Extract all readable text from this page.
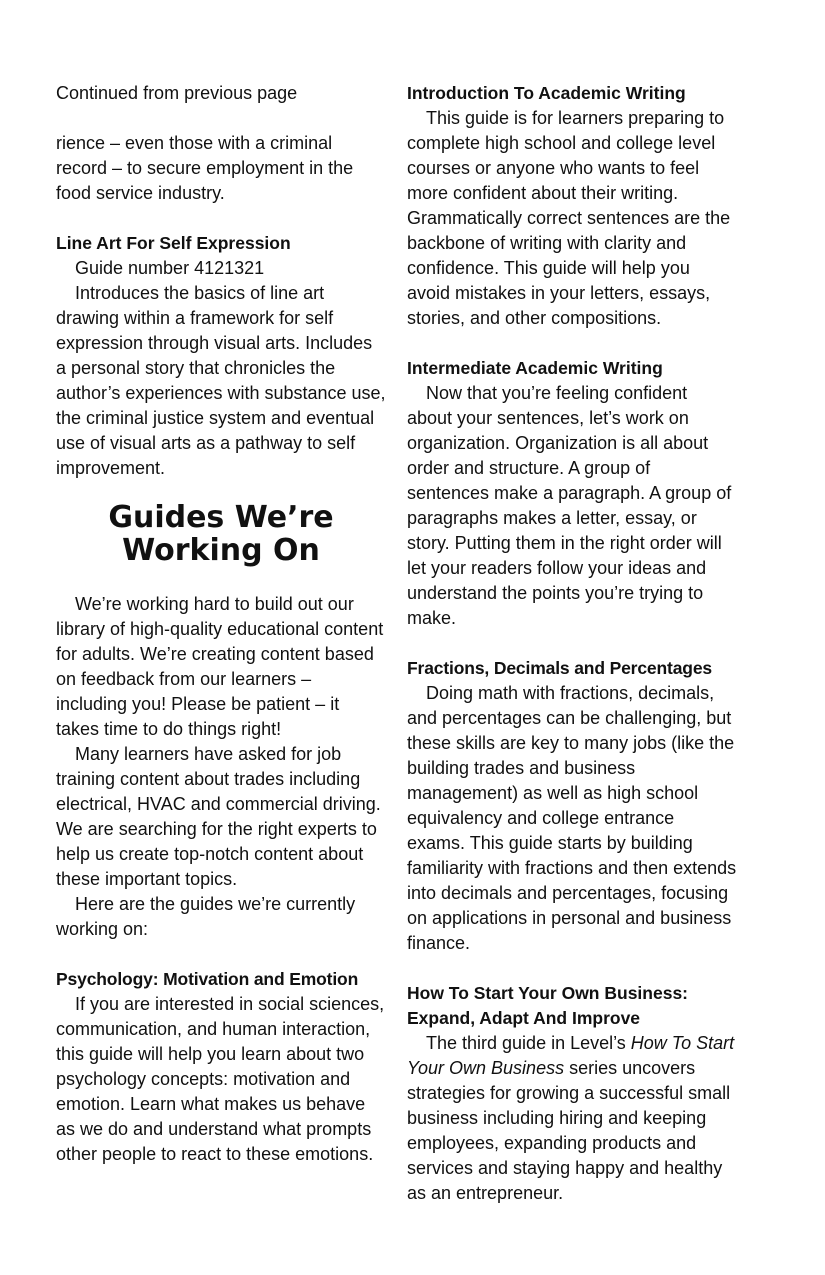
Continued from previous page

rience – even those with a criminal record – to secure employment in the food service industry.

Line Art For Self Expression

Guide number 4121321

Introduces the basics of line art drawing within a framework for self expression through visual arts. Includes a personal story that chronicles the author’s experiences with substance use, the criminal justice system and eventual use of visual arts as a pathway to self improvement.

Guides We’re
Working On

We’re working hard to build out our library of high-quality educational content for adults. We’re creating content based on feedback from our learners – including you! Please be patient – it takes time to do things right!

Many learners have asked for job training content about trades including electrical, HVAC and commercial driving. We are searching for the right experts to help us create top-notch content about these important topics.

Here are the guides we’re currently working on:

Psychology: Motivation and Emotion

If you are interested in social sciences, communication, and human interaction, this guide will help you learn about two psychology concepts: motivation and emotion. Learn what makes us behave as we do and understand what prompts other people to react to these emotions.

Introduction To Academic Writing

This guide is for learners preparing to complete high school and college level courses or anyone who wants to feel more confident about their writing. Grammatically correct sentences are the backbone of writing with clarity and confidence. This guide will help you avoid mistakes in your letters, essays, stories, and other compositions.

Intermediate Academic Writing

Now that you’re feeling confident about your sentences, let’s work on organization. Organization is all about order and structure. A group of sentences make a paragraph. A group of paragraphs makes a letter, essay, or story. Putting them in the right order will let your readers follow your ideas and understand the points you’re trying to make.

Fractions, Decimals and Percentages

Doing math with fractions, decimals, and percentages can be challenging, but these skills are key to many jobs (like the building trades and business management) as well as high school equivalency and college entrance exams. This guide starts by building familiarity with fractions and then extends into decimals and percentages, focusing on applications in personal and business finance.

How To Start Your Own Business:
Expand, Adapt And Improve

The third guide in Level’s How To Start Your Own Business series uncovers strategies for growing a successful small business including hiring and keeping employees, expanding products and services and staying happy and healthy as an entrepreneur.
